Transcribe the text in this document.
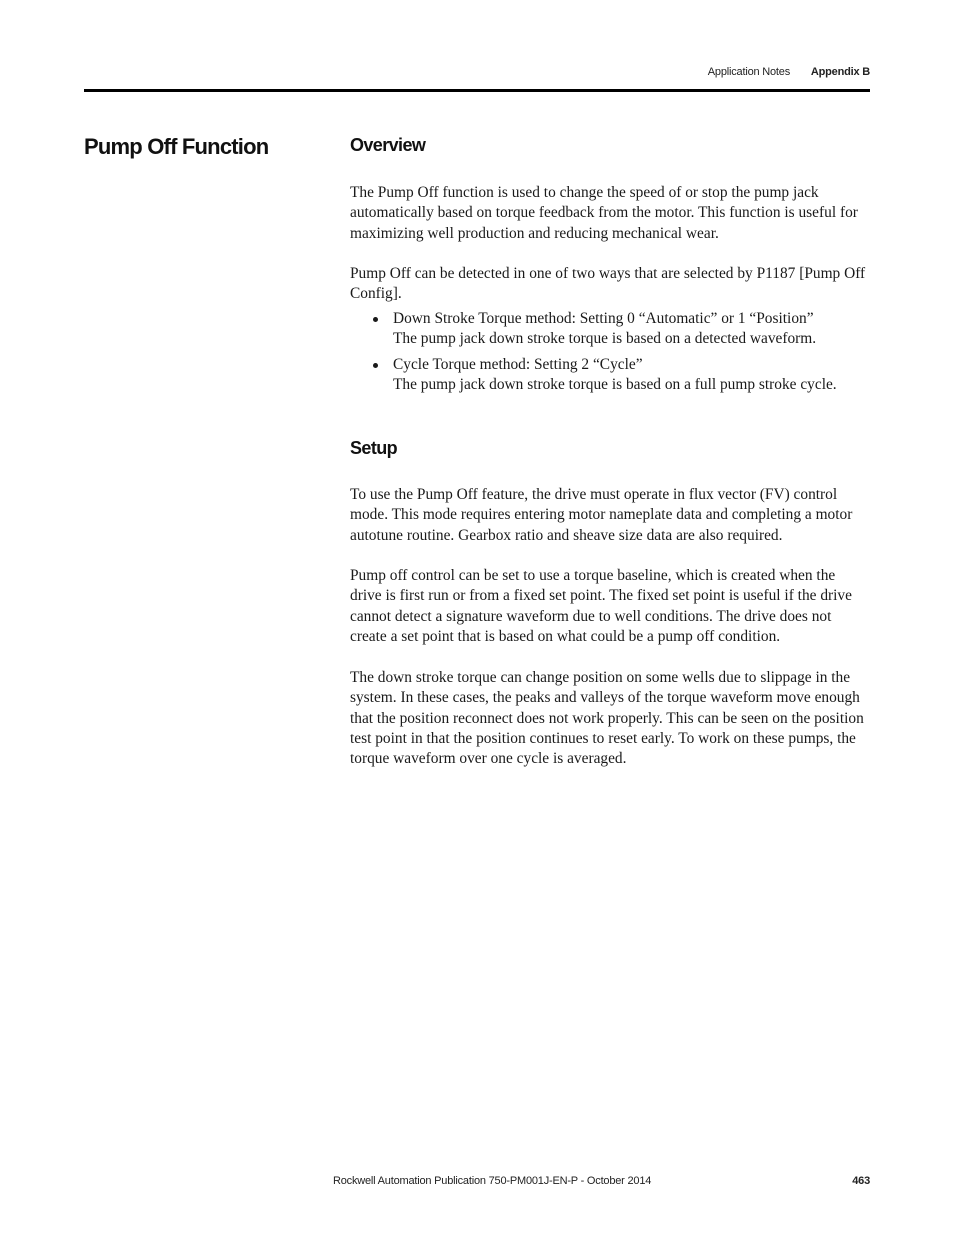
Application Notes Appendix B
Pump Off Function	Overview

The Pump Off function is used to change the speed of or stop the pump jack automatically based on torque feedback from the motor. This function is useful for maximizing well production and reducing mechanical wear.

Pump Off can be detected in one of two ways that are selected by P1187 [Pump Off Config].

Down Stroke Torque method: Setting 0 “Automatic” or 1 “Position”
The pump jack down stroke torque is based on a detected waveform.
Cycle Torque method: Setting 2 “Cycle”
The pump jack down stroke torque is based on a full pump stroke cycle.
Setup

To use the Pump Off feature, the drive must operate in flux vector (FV) control mode. This mode requires entering motor nameplate data and completing a motor autotune routine. Gearbox ratio and sheave size data are also required.

Pump off control can be set to use a torque baseline, which is created when the drive is first run or from a fixed set point. The fixed set point is useful if the drive cannot detect a signature waveform due to well conditions. The drive does not create a set point that is based on what could be a pump off condition.

The down stroke torque can change position on some wells due to slippage in the system. In these cases, the peaks and valleys of the torque waveform move enough that the position reconnect does not work properly. This can be seen on the position test point in that the position continues to reset early. To work on these pumps, the torque waveform over one cycle is averaged.

Rockwell Automation Publication 750-PM001J-EN-P - October 2014	463
